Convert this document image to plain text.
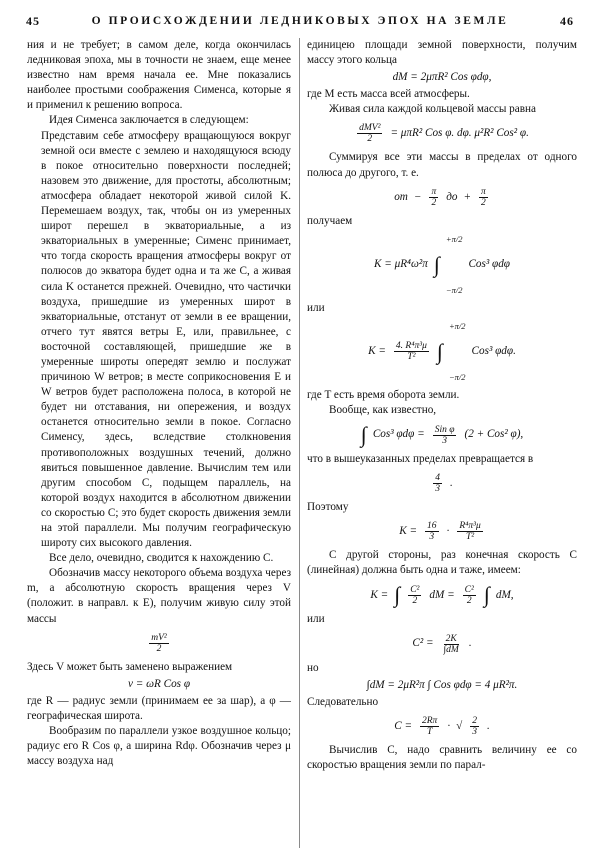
45	О ПРОИСХОЖДЕНИИ ЛЕДНИКОВЫХ ЭПОХ НА ЗЕМЛЕ	46

ния и не требует; в самом деле, когда окончилась ледниковая эпоха, мы в точности не знаем, еще менее известно нам время начала ее. Мне показались наиболее простыми соображения Сименса, которые я и применил к решению вопроса.

Идея Сименса заключается в следующем:

Представим себе атмосферу вращающуюся вокруг земной оси вместе с землею и находящуюся всюду в покое относительно поверхности последней; назовем это движение, для простоты, абсолютным; атмосфера обладает некоторой живой силой K. Перемешаем воздух, так, чтобы он из умеренных широт перешел в экваториальные, а из экваториальных в умеренные; Сименс принимает, что тогда скорость вращения атмосферы вокруг от полюсов до экватора будет одна и та же C, а живая сила K останется прежней. Очевидно, что частички воздуха, пришедшие из умеренных широт в экваториальные, отстанут от земли в ее вращении, отчего тут явятся ветры E, или, правильнее, с восточной составляющей, пришедшие же в умеренные широты опередят землю и послужат причиною W ветров; в месте соприкосновения E и W ветров будет расположена полоса, в которой не будет ни отставания, ни опережения, и воздух останется относительно земли в покое. Согласно Сименсу, здесь, вследствие столкновения противоположных воздушных течений, должно явиться повышенное давление. Вычислим тем или другим способом C, подыщем параллель, на которой воздух находится в абсолютном движении со скоростью C; это будет скорость движения земли на этой параллели. Мы получим географическую широту сих высокого давления.

Все дело, очевидно, сводится к нахождению C.

Обозначив массу некоторого объема воздуха через m, а абсолютную скорость вращения через V (положит. в направл. к E), получим живую силу этой массы

$\frac{\text{mV²}}{2}$

Здесь V может быть заменено выражением

v = ωR Cos φ

где R — радиус земли (принимаем ее за шар), а φ — географическая широта.

Вообразим по параллели узкое воздушное кольцо; радиус его R Cos φ, а ширина Rdφ. Обозначив через μ массу воздуха над

единицею площади земной поверхности, получим массу этого кольца

dM = 2μπR² Cos φdφ,

где M есть масса всей атмосферы.

Живая сила каждой кольцевой массы равна

$\frac{\text{dMV²}}{2} = \mu\pi R^2$ Cos φ. dφ. μ²R² Cos² φ.

Суммируя все эти массы в пределах от одного полюса до другого, т. е.

от − $\frac{\pi}{2}$ до + $\frac{\pi}{2}$

получаем

K = μR⁴ω²π ∫
+π/2
−π/2
Cos³ φdφ

или

$K = \frac{\text{4. R⁴π³μ}}{\text{T²}}$ ∫
+π/2
−π/2
Cos³ φdφ.

где T есть время оборота земли.

Вообще, как известно,

∫ Cos³ $\varphi d\varphi = \frac{\text{Sin φ}}{3} (2 + Cos^2$ φ),

что в вышеуказанных пределах превращается в

$\frac{4}{3}$ .

Поэтому

$K = \frac{16}{3} \cdot \frac{\text{R⁴π³μ}}{\text{T²}}$

С другой стороны, раз конечная скорость C (линейная) должна быть одна и таже, имеем:

K = ∫ $\frac{\text{C²}}{2}$ dM = $\frac{\text{C²}}{2}$ ∫ dM,

или

$C^2 = \frac{2K}{\int dM}$ .

но

∫dM = 2μR²π ∫ Cos φdφ = 4 μR²π.

Следовательно

$C = \frac{2R\pi}{T}$ · √ $\frac{2}{3}$ .

Вычислив C, надо сравнить величину ее со скоростью вращения земли по парал-
